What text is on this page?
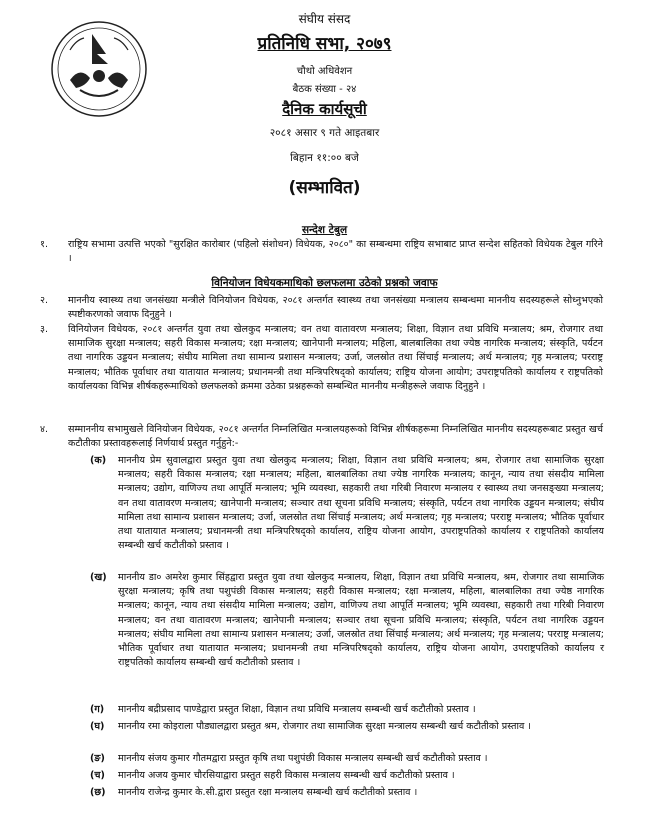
संघीय संसद
प्रतिनिधि सभा, २०७९
चौथो अधिवेशन
बैठक संख्या - २४
दैनिक कार्यसूची
२०८१ असार ९ गते आइतबार
बिहान ११:०० बजे
(सम्भावित)
सन्देश टेबुल
१. राष्ट्रिय सभामा उत्पत्ति भएको "सुरक्षित कारोबार (पहिलो संशोधन) विधेयक, २०८०" का सम्बन्धमा राष्ट्रिय सभाबाट प्राप्त सन्देश सहितको विधेयक टेबुल गरिने ।
विनियोजन विधेयकमाथिको छलफलमा उठेको प्रश्नको जवाफ
२. माननीय स्वास्थ्य तथा जनसंख्या मन्त्रीले विनियोजन विधेयक, २०८१ अन्तर्गत स्वास्थ्य तथा जनसंख्या मन्त्रालय सम्बन्धमा माननीय सदस्यहरूले सोध्नुभएको स्पष्टीकरणको जवाफ दिनुहुने ।
३. विनियोजन विधेयक, २०८१ अन्तर्गत युवा तथा खेलकुद मन्त्रालय; वन तथा वातावरण मन्त्रालय; शिक्षा, विज्ञान तथा प्रविधि मन्त्रालय; श्रम, रोजगार तथा सामाजिक सुरक्षा मन्त्रालय; सहरी विकास मन्त्रालय; रक्षा मन्त्रालय; खानेपानी मन्त्रालय; महिला, बालबालिका तथा ज्येष्ठ नागरिक मन्त्रालय; संस्कृति, पर्यटन तथा नागरिक उड्डयन मन्त्रालय; संघीय मामिला तथा सामान्य प्रशासन मन्त्रालय; उर्जा, जलस्रोत तथा सिंचाई मन्त्रालय; अर्थ मन्त्रालय; गृह मन्त्रालय; परराष्ट्र मन्त्रालय; भौतिक पूर्वाधार तथा यातायात मन्त्रालय; प्रधानमन्त्री तथा मन्त्रिपरिषद्को कार्यालय; राष्ट्रिय योजना आयोग; उपराष्ट्रपतिको कार्यालय र राष्ट्रपतिको कार्यालयका विभिन्न शीर्षकहरूमाथिको छलफलको क्रममा उठेका प्रश्नहरूको सम्बन्धित माननीय मन्त्रीहरूले जवाफ दिनुहुने ।
४. सम्माननीय सभामुखले विनियोजन विधेयक, २०८१ अन्तर्गत निम्नलिखित मन्त्रालयहरूको विभिन्न शीर्षकहरूमा निम्नलिखित माननीय सदस्यहरूबाट प्रस्तुत खर्च कटौतीका प्रस्तावहरूलाई निर्णयार्थ प्रस्तुत गर्नुहुने:-
(क) माननीय प्रेम सुवालद्वारा प्रस्तुत युवा तथा खेलकुद मन्त्रालय; शिक्षा, विज्ञान तथा प्रविधि मन्त्रालय; श्रम, रोजगार तथा सामाजिक सुरक्षा मन्त्रालय; सहरी विकास मन्त्रालय; रक्षा मन्त्रालय; महिला, बालबालिका तथा ज्येष्ठ नागरिक मन्त्रालय; कानून, न्याय तथा संसदीय मामिला मन्त्रालय; उद्योग, वाणिज्य तथा आपूर्ति मन्त्रालय; भूमि व्यवस्था, सहकारी तथा गरिबी निवारण मन्त्रालय र स्वास्थ्य तथा जनसङ्ख्या मन्त्रालय; वन तथा वातावरण मन्त्रालय; खानेपानी मन्त्रालय; सञ्चार तथा सूचना प्रविधि मन्त्रालय; संस्कृति, पर्यटन तथा नागरिक उड्डयन मन्त्रालय; संघीय मामिला तथा सामान्य प्रशासन मन्त्रालय; उर्जा, जलस्रोत तथा सिंचाई मन्त्रालय; अर्थ मन्त्रालय; गृह मन्त्रालय; परराष्ट्र मन्त्रालय; भौतिक पूर्वाधार तथा यातायात मन्त्रालय; प्रधानमन्त्री तथा मन्त्रिपरिषद्को कार्यालय, राष्ट्रिय योजना आयोग, उपराष्ट्रपतिको कार्यालय र राष्ट्रपतिको कार्यालय सम्बन्धी खर्च कटौतीको प्रस्ताव ।
(ख) माननीय डा० अमरेश कुमार सिंहद्वारा प्रस्तुत युवा तथा खेलकुद मन्त्रालय, शिक्षा, विज्ञान तथा प्रविधि मन्त्रालय, श्रम, रोजगार तथा सामाजिक सुरक्षा मन्त्रालय; कृषि तथा पशुपंछी विकास मन्त्रालय; सहरी विकास मन्त्रालय; रक्षा मन्त्रालय, महिला, बालबालिका तथा ज्येष्ठ नागरिक मन्त्रालय; कानून, न्याय तथा संसदीय मामिला मन्त्रालय; उद्योग, वाणिज्य तथा आपूर्ति मन्त्रालय; भूमि व्यवस्था, सहकारी तथा गरिबी निवारण मन्त्रालय; वन तथा वातावरण मन्त्रालय; खानेपानी मन्त्रालय; सञ्चार तथा सूचना प्रविधि मन्त्रालय; संस्कृति, पर्यटन तथा नागरिक उड्डयन मन्त्रालय; संघीय मामिला तथा सामान्य प्रशासन मन्त्रालय; उर्जा, जलस्रोत तथा सिंचाई मन्त्रालय; अर्थ मन्त्रालय; गृह मन्त्रालय; परराष्ट्र मन्त्रालय; भौतिक पूर्वाधार तथा यातायात मन्त्रालय; प्रधानमन्त्री तथा मन्त्रिपरिषद्को कार्यालय, राष्ट्रिय योजना आयोग, उपराष्ट्रपतिको कार्यालय र राष्ट्रपतिको कार्यालय सम्बन्धी खर्च कटौतीको प्रस्ताव ।
(ग) माननीय बद्रीप्रसाद पाण्डेद्वारा प्रस्तुत शिक्षा, विज्ञान तथा प्रविधि मन्त्रालय सम्बन्धी खर्च कटौतीको प्रस्ताव ।
(घ) माननीय रमा कोइराला पौड्यालद्वारा प्रस्तुत श्रम, रोजगार तथा सामाजिक सुरक्षा मन्त्रालय सम्बन्धी खर्च कटौतीको प्रस्ताव ।
(ङ) माननीय संजय कुमार गौतमद्वारा प्रस्तुत कृषि तथा पशुपंछी विकास मन्त्रालय सम्बन्धी खर्च कटौतीको प्रस्ताव ।
(च) माननीय अजय कुमार चौरसियाद्वारा प्रस्तुत सहरी विकास मन्त्रालय सम्बन्धी खर्च कटौतीको प्रस्ताव ।
(छ) माननीय राजेन्द्र कुमार के.सी.द्वारा प्रस्तुत रक्षा मन्त्रालय सम्बन्धी खर्च कटौतीको प्रस्ताव ।
